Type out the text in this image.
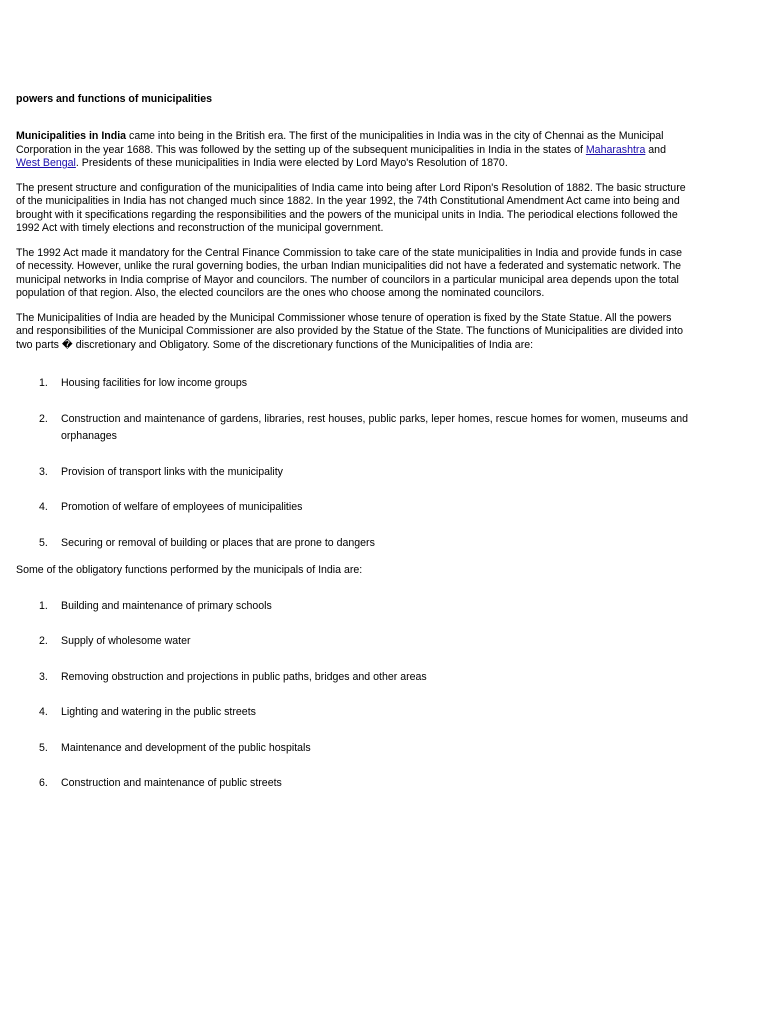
powers and functions of municipalities

Municipalities in India came into being in the British era. The first of the municipalities in India was in the city of Chennai as the Municipal Corporation in the year 1688. This was followed by the setting up of the subsequent municipalities in India in the states of Maharashtra and West Bengal. Presidents of these municipalities in India were elected by Lord Mayo's Resolution of 1870.

The present structure and configuration of the municipalities of India came into being after Lord Ripon's Resolution of 1882. The basic structure of the municipalities in India has not changed much since 1882. In the year 1992, the 74th Constitutional Amendment Act came into being and brought with it specifications regarding the responsibilities and the powers of the municipal units in India. The periodical elections followed the 1992 Act with timely elections and reconstruction of the municipal government.

The 1992 Act made it mandatory for the Central Finance Commission to take care of the state municipalities in India and provide funds in case of necessity. However, unlike the rural governing bodies, the urban Indian municipalities did not have a federated and systematic network. The municipal networks in India comprise of Mayor and councilors. The number of councilors in a particular municipal area depends upon the total population of that region. Also, the elected councilors are the ones who choose among the nominated councilors.

The Municipalities of India are headed by the Municipal Commissioner whose tenure of operation is fixed by the State Statue. All the powers and responsibilities of the Municipal Commissioner are also provided by the Statue of the State. The functions of Municipalities are divided into two parts � discretionary and Obligatory. Some of the discretionary functions of the Municipalities of India are:

1. Housing facilities for low income groups
2. Construction and maintenance of gardens, libraries, rest houses, public parks, leper homes, rescue homes for women, museums and orphanages
3. Provision of transport links with the municipality
4. Promotion of welfare of employees of municipalities
5. Securing or removal of building or places that are prone to dangers

Some of the obligatory functions performed by the municipals of India are:

1. Building and maintenance of primary schools
2. Supply of wholesome water
3. Removing obstruction and projections in public paths, bridges and other areas
4. Lighting and watering in the public streets
5. Maintenance and development of the public hospitals
6. Construction and maintenance of public streets
